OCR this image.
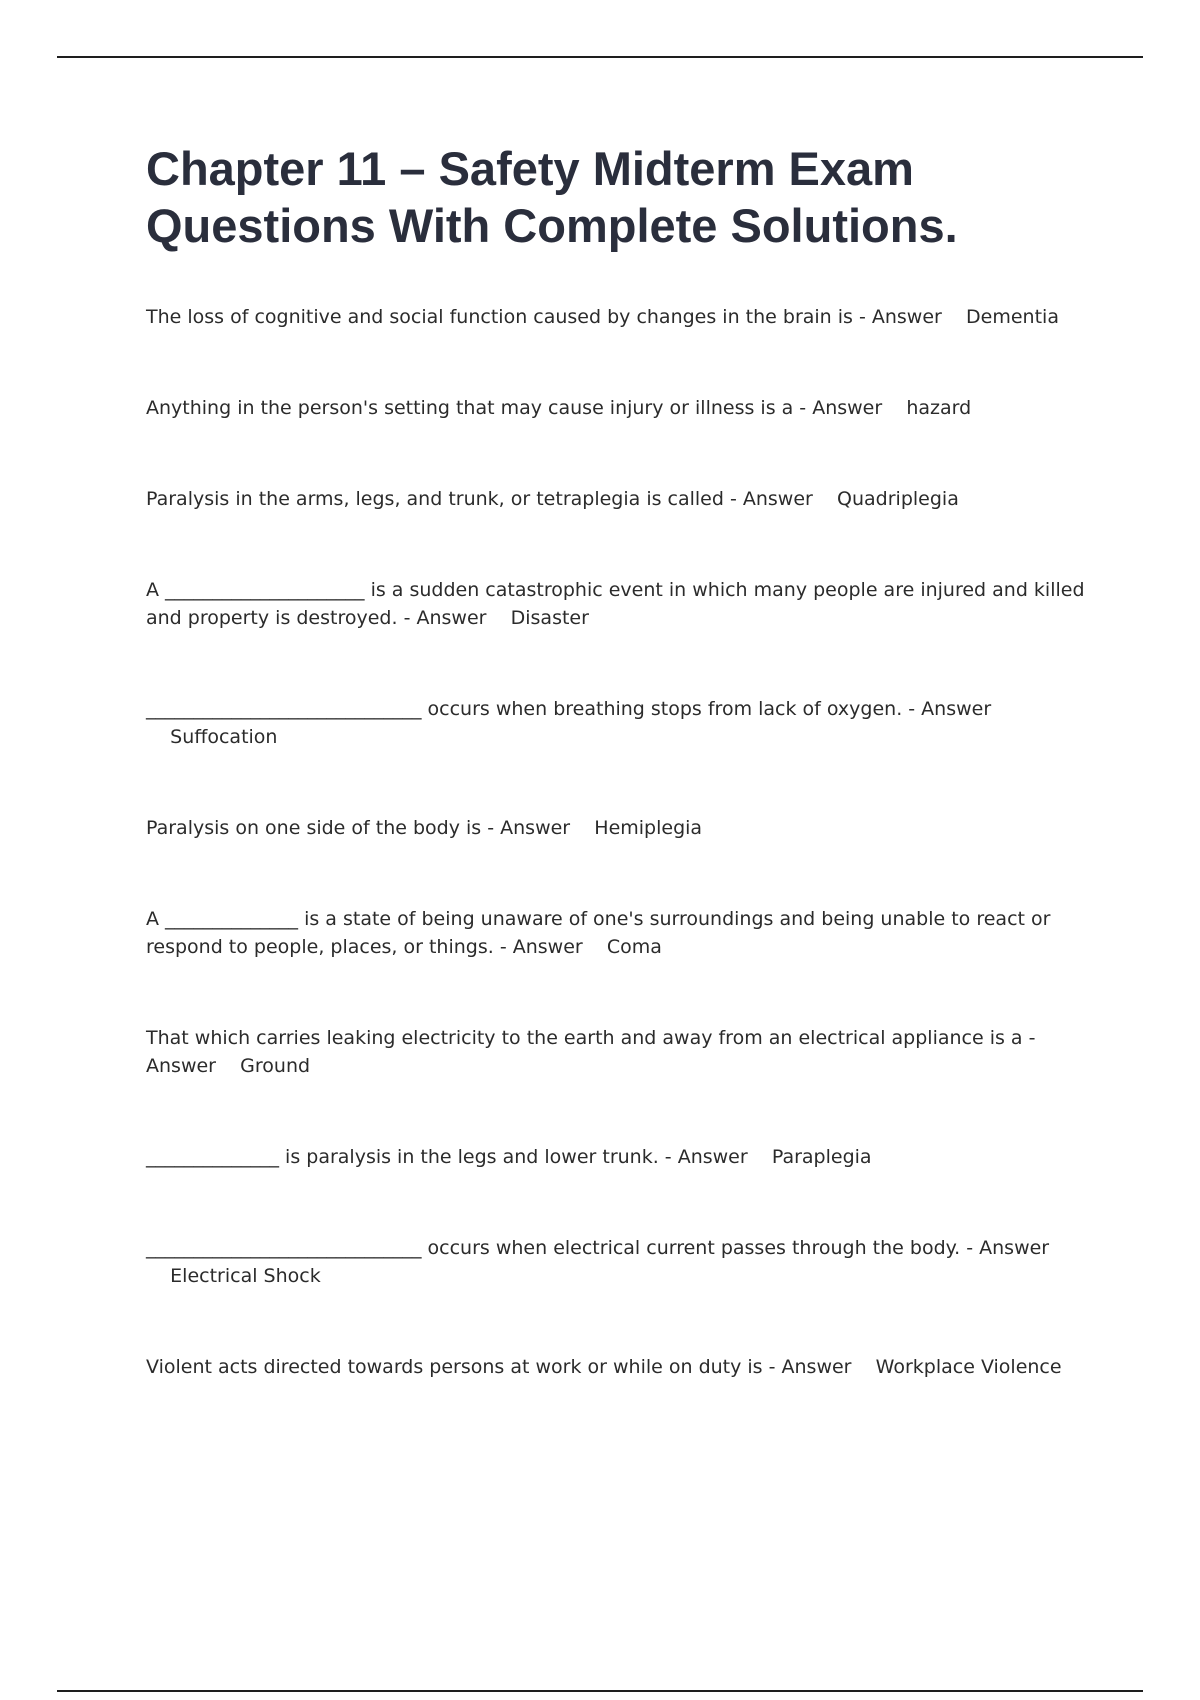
Chapter 11 – Safety Midterm Exam Questions With Complete Solutions.

The loss of cognitive and social function caused by changes in the brain is - Answer Dementia

Anything in the person's setting that may cause injury or illness is a - Answer hazard

Paralysis in the arms, legs, and trunk, or tetraplegia is called - Answer Quadriplegia

A _____________________ is a sudden catastrophic event in which many people are injured and killed and property is destroyed. - Answer Disaster

_____________________________ occurs when breathing stops from lack of oxygen. - Answer    Suffocation

Paralysis on one side of the body is - Answer Hemiplegia

A ______________ is a state of being unaware of one's surroundings and being unable to react or respond to people, places, or things. - Answer Coma

That which carries leaking electricity to the earth and away from an electrical appliance is a - Answer Ground

______________ is paralysis in the legs and lower trunk. - Answer Paraplegia

_____________________________ occurs when electrical current passes through the body. - Answer    Electrical Shock

Violent acts directed towards persons at work or while on duty is - Answer Workplace Violence
